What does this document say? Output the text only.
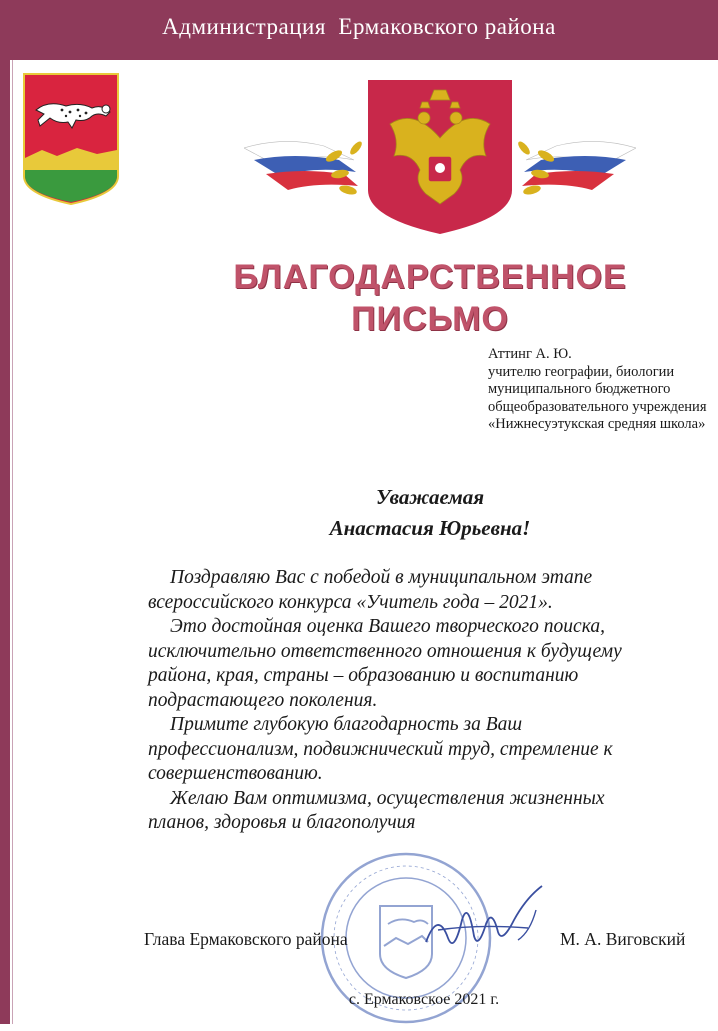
Администрация  Ермаковского района
БЛАГОДАРСТВЕННОЕ
ПИСЬМО
Аттинг А. Ю.
учителю географии, биологии
муниципального бюджетного
общеобразовательного учреждения
«Нижнесуэтукская средняя школа»
Уважаемая
Анастасия Юрьевна!
Поздравляю Вас с победой в муниципальном этапе
всероссийского конкурса «Учитель года – 2021».
Это достойная оценка Вашего творческого поиска,
исключительно ответственного отношения к будущему
района, края, страны – образованию и воспитанию
подрастающего поколения.
Примите глубокую благодарность за Ваш
профессионализм, подвижнический труд, стремление к
совершенствованию.
Желаю Вам оптимизма, осуществления жизненных
планов, здоровья и благополучия
Глава Ермаковского района	М. А. Виговский
с. Ермаковское 2021 г.
